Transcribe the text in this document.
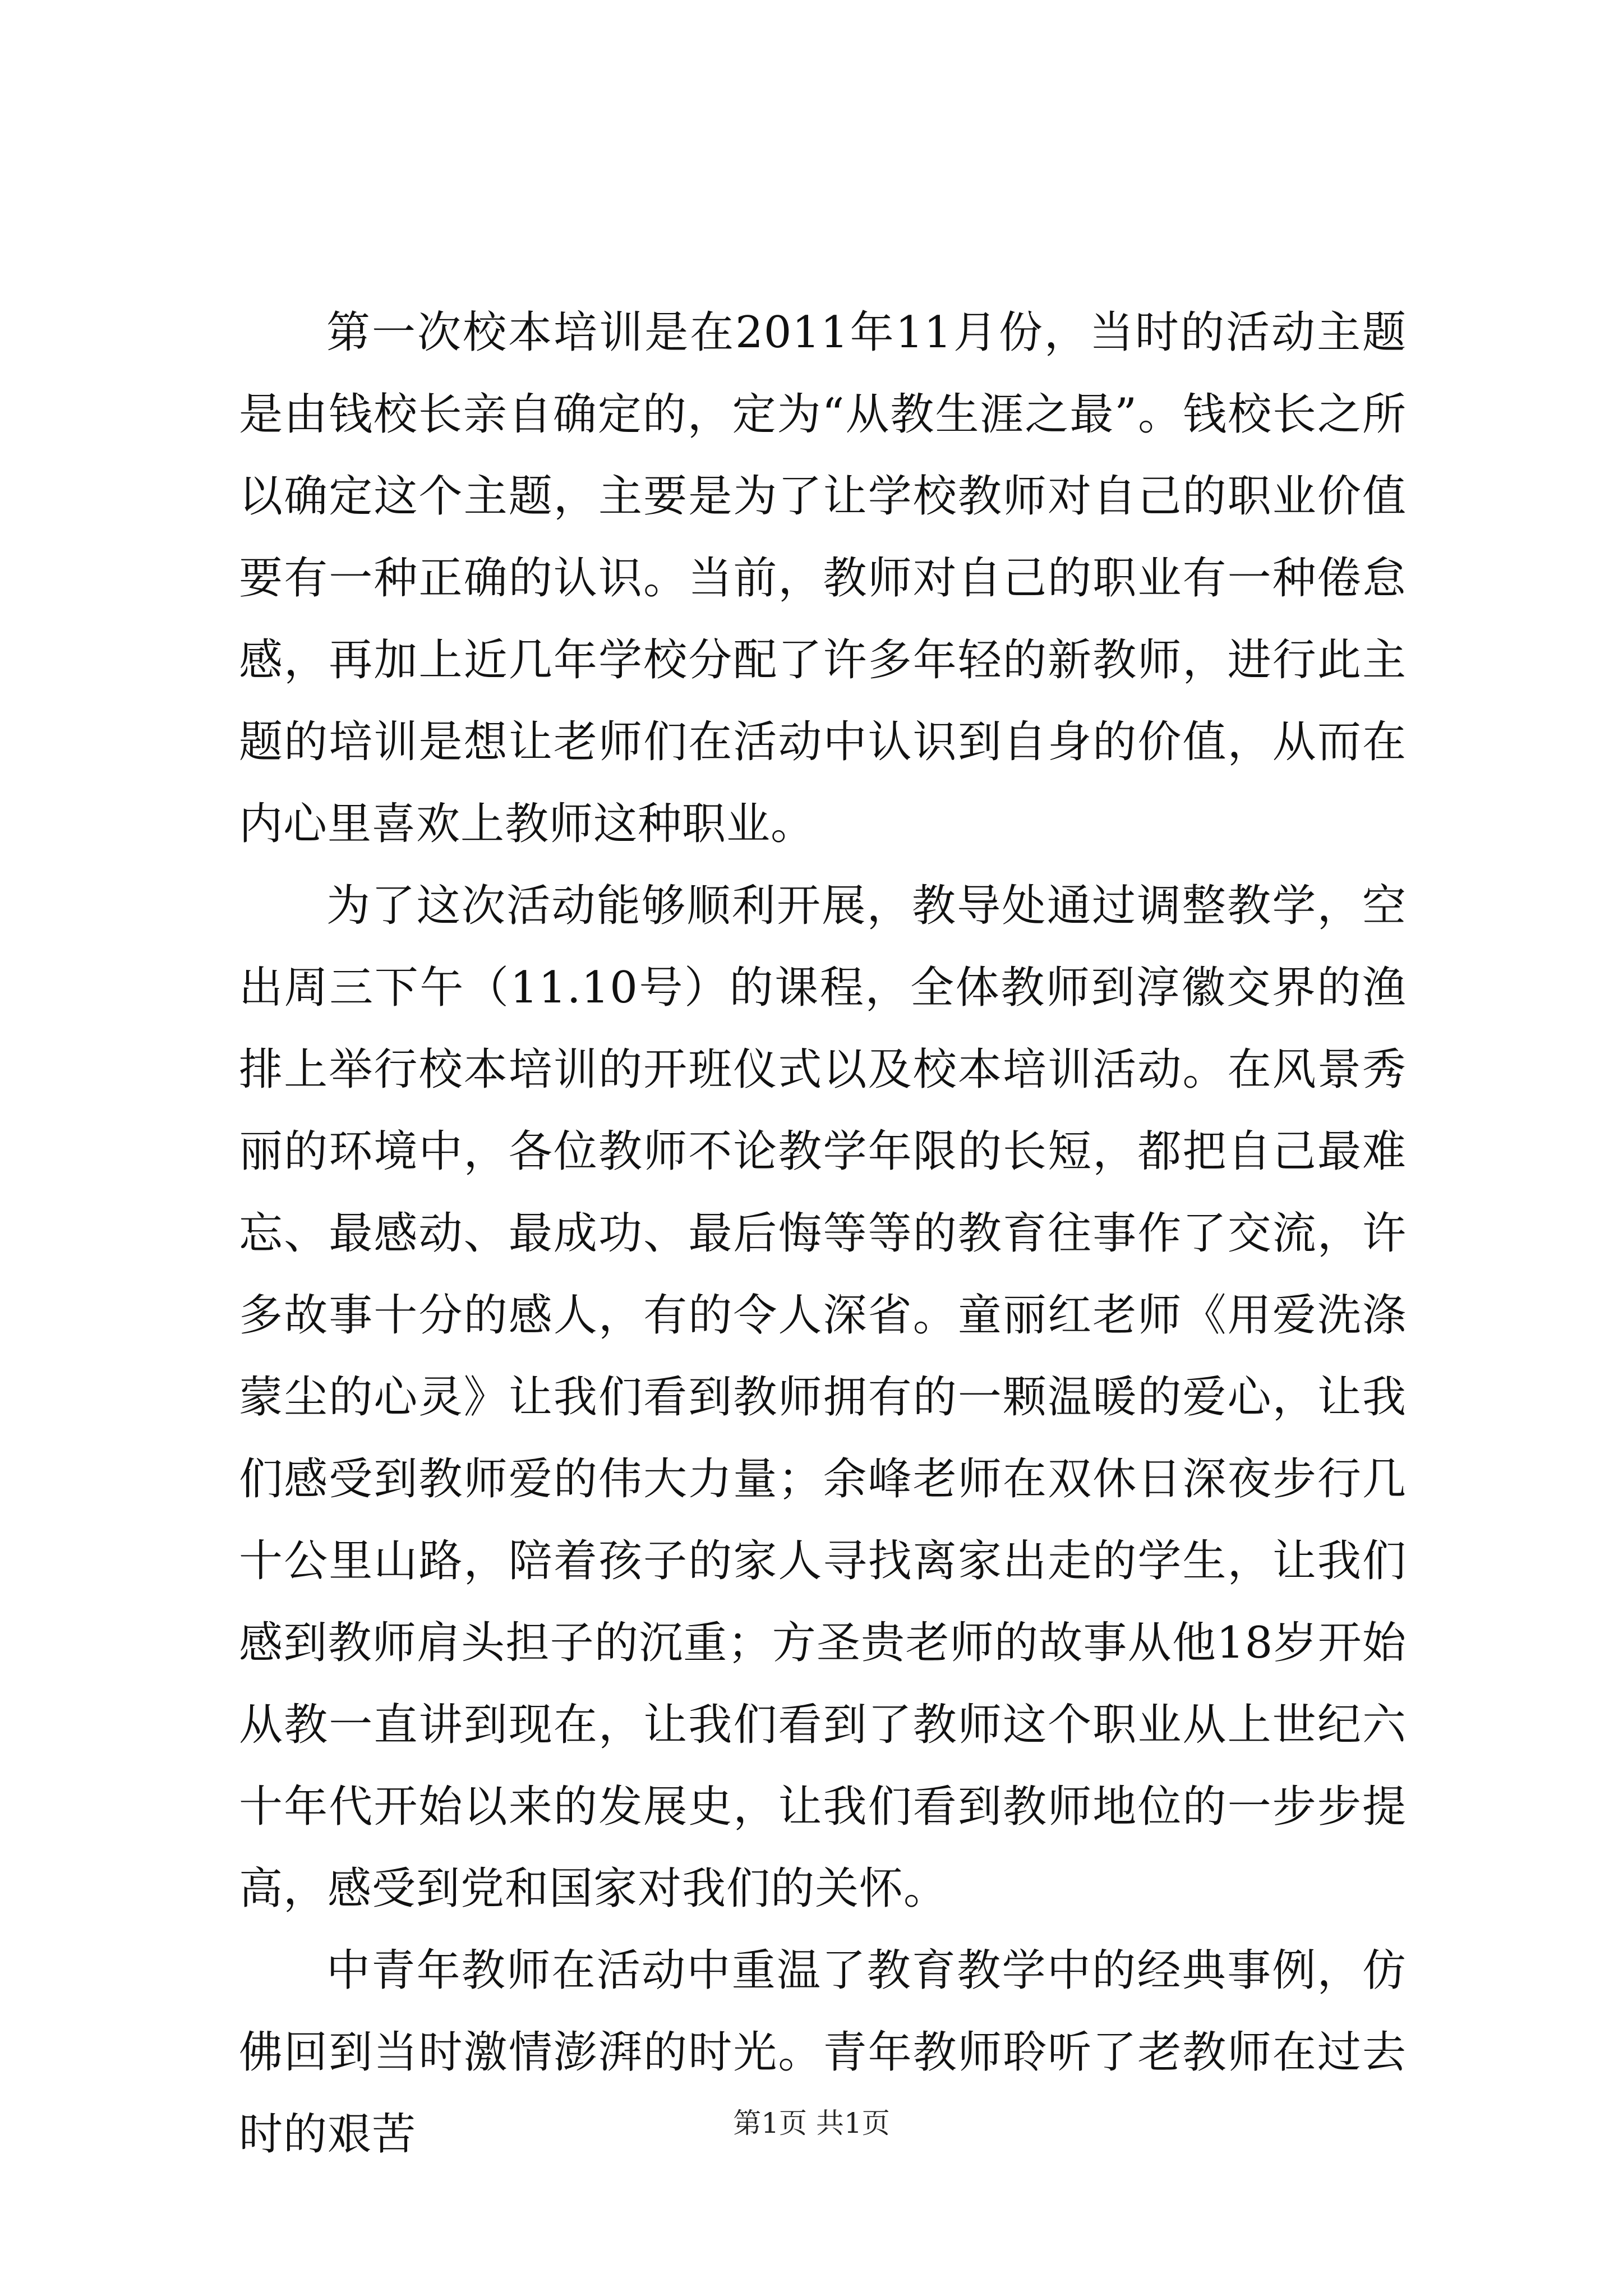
第一次校本培训是在2011年11月份，当时的活动主题是由钱校长亲自确定的，定为“从教生涯之最”。钱校长之所以确定这个主题，主要是为了让学校教师对自己的职业价值要有一种正确的认识。当前，教师对自己的职业有一种倦怠感，再加上近几年学校分配了许多年轻的新教师，进行此主题的培训是想让老师们在活动中认识到自身的价值，从而在内心里喜欢上教师这种职业。

为了这次活动能够顺利开展，教导处通过调整教学，空出周三下午（11.10号）的课程，全体教师到淳徽交界的渔排上举行校本培训的开班仪式以及校本培训活动。在风景秀丽的环境中，各位教师不论教学年限的长短，都把自己最难忘、最感动、最成功、最后悔等等的教育往事作了交流，许多故事十分的感人，有的令人深省。童丽红老师《用爱洗涤蒙尘的心灵》让我们看到教师拥有的一颗温暖的爱心，让我们感受到教师爱的伟大力量；余峰老师在双休日深夜步行几十公里山路，陪着孩子的家人寻找离家出走的学生，让我们感到教师肩头担子的沉重；方圣贵老师的故事从他18岁开始从教一直讲到现在，让我们看到了教师这个职业从上世纪六十年代开始以来的发展史，让我们看到教师地位的一步步提高，感受到党和国家对我们的关怀。

中青年教师在活动中重温了教育教学中的经典事例，仿佛回到当时激情澎湃的时光。青年教师聆听了老教师在过去时的艰苦	第1页 共1页
